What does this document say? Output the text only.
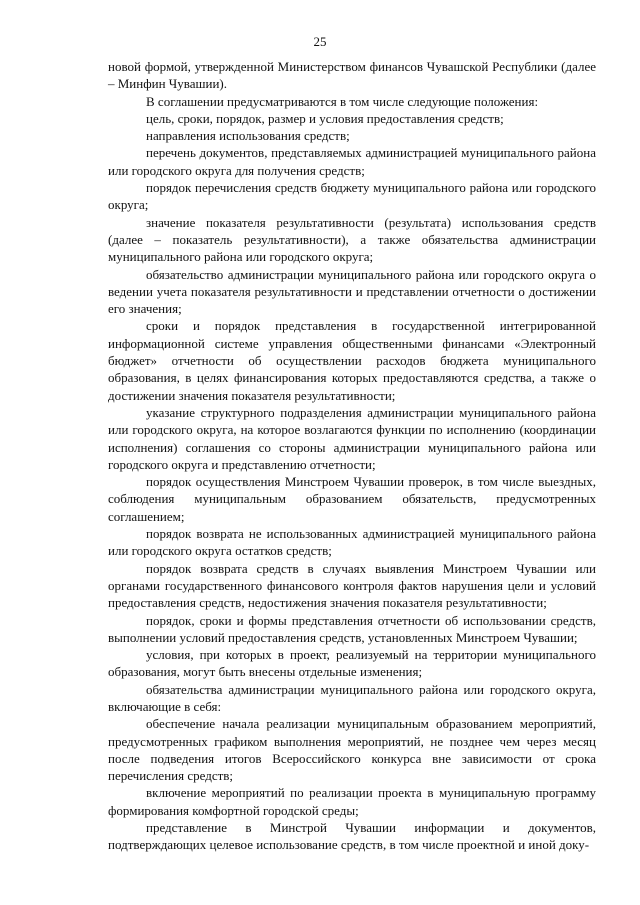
25

новой формой, утвержденной Министерством финансов Чувашской Республики (далее – Минфин Чувашии).

В соглашении предусматриваются в том числе следующие положения:

цель, сроки, порядок, размер и условия предоставления средств;

направления использования средств;

перечень документов, представляемых администрацией муниципального района или городского округа для получения средств;

порядок перечисления средств бюджету муниципального района или городского округа;

значение показателя результативности (результата) использования средств (далее – показатель результативности), а также обязательства администрации муниципального района или городского округа;

обязательство администрации муниципального района или городского округа о ведении учета показателя результативности и представлении отчетности о достижении его значения;

сроки и порядок представления в государственной интегрированной информационной системе управления общественными финансами «Электронный бюджет» отчетности об осуществлении расходов бюджета муниципального образования, в целях финансирования которых предоставляются средства, а также о достижении значения показателя результативности;

указание структурного подразделения администрации муниципального района или городского округа, на которое возлагаются функции по исполнению (координации исполнения) соглашения со стороны администрации муниципального района или городского округа и представлению отчетности;

порядок осуществления Минстроем Чувашии проверок, в том числе выездных, соблюдения муниципальным образованием обязательств, предусмотренных соглашением;

порядок возврата не использованных администрацией муниципального района или городского округа остатков средств;

порядок возврата средств в случаях выявления Минстроем Чувашии или органами государственного финансового контроля фактов нарушения цели и условий предоставления средств, недостижения значения показателя результативности;

порядок, сроки и формы представления отчетности об использовании средств, выполнении условий предоставления средств, установленных Минстроем Чувашии;

условия, при которых в проект, реализуемый на территории муниципального образования, могут быть внесены отдельные изменения;

обязательства администрации муниципального района или городского округа, включающие в себя:

обеспечение начала реализации муниципальным образованием мероприятий, предусмотренных графиком выполнения мероприятий, не позднее чем через месяц после подведения итогов Всероссийского конкурса вне зависимости от срока перечисления средств;

включение мероприятий по реализации проекта в муниципальную программу формирования комфортной городской среды;

представление в Минстрой Чувашии информации и документов, подтверждающих целевое использование средств, в том числе проектной и иной доку-
